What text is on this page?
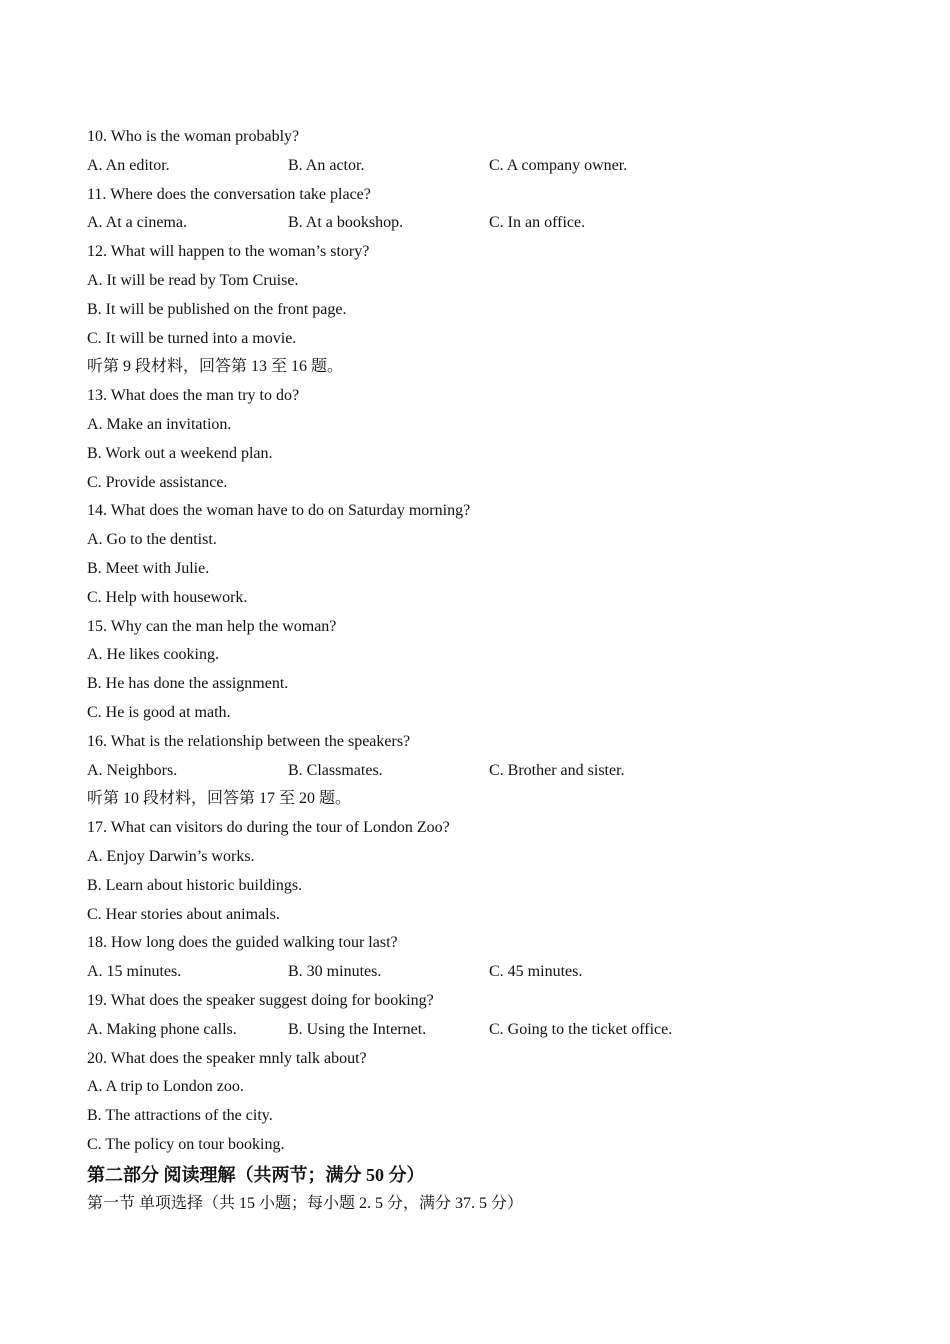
10. Who is the woman probably?
A. An editor.	B. An actor.	C. A company owner.
11. Where does the conversation take place?
A. At a cinema.	B. At a bookshop.	C. In an office.
12. What will happen to the woman’s story?
A. It will be read by Tom Cruise.
B. It will be published on the front page.
C. It will be turned into a movie.
听第 9 段材料，回答第 13 至 16 题。
13. What does the man try to do?
A. Make an invitation.
B. Work out a weekend plan.
C. Provide assistance.
14. What does the woman have to do on Saturday morning?
A. Go to the dentist.
B. Meet with Julie.
C. Help with housework.
15. Why can the man help the woman?
A. He likes cooking.
B. He has done the assignment.
C. He is good at math.
16. What is the relationship between the speakers?
A. Neighbors.	B. Classmates.	C. Brother and sister.
听第 10 段材料，回答第 17 至 20 题。
17. What can visitors do during the tour of London Zoo?
A. Enjoy Darwin’s works.
B. Learn about historic buildings.
C. Hear stories about animals.
18. How long does the guided walking tour last?
A. 15 minutes.	B. 30 minutes.	C. 45 minutes.
19. What does the speaker suggest doing for booking?
A. Making phone calls.	B. Using the Internet.	C. Going to the ticket office.
20. What does the speaker mnly talk about?
A. A trip to London zoo.
B. The attractions of the city.
C. The policy on tour booking.
第二部分 阅读理解（共两节；满分 50 分）
第一节 单项选择（共 15 小题；每小题 2. 5 分，满分 37. 5 分）
